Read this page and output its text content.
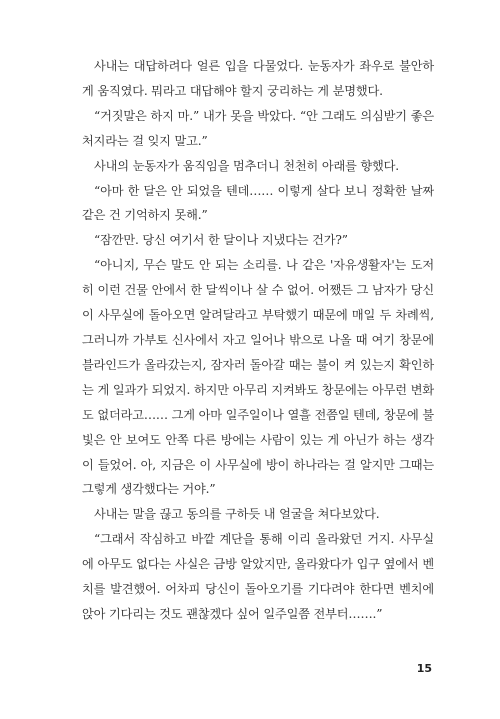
사내는 대답하려다 얼른 입을 다물었다. 눈동자가 좌우로 불안하게 움직였다. 뭐라고 대답해야 할지 궁리하는 게 분명했다.

“거짓말은 하지 마.” 내가 못을 박았다. “안 그래도 의심받기 좋은 처지라는 걸 잊지 말고.”

사내의 눈동자가 움직임을 멈추더니 천천히 아래를 향했다.

“아마 한 달은 안 되었을 텐데…… 이렇게 살다 보니 정확한 날짜 같은 건 기억하지 못해.”

“잠깐만. 당신 여기서 한 달이나 지냈다는 건가?”

“아니지, 무슨 말도 안 되는 소리를. 나 같은 '자유생활자'는 도저히 이런 건물 안에서 한 달씩이나 살 수 없어. 어쨌든 그 남자가 당신이 사무실에 돌아오면 알려달라고 부탁했기 때문에 매일 두 차례씩, 그러니까 가부토 신사에서 자고 일어나 밖으로 나올 때 여기 창문에 블라인드가 올라갔는지, 잠자러 돌아갈 때는 불이 켜 있는지 확인하는 게 일과가 되었지. 하지만 아무리 지켜봐도 창문에는 아무런 변화도 없더라고…… 그게 아마 일주일이나 열흘 전쯤일 텐데, 창문에 불빛은 안 보여도 안쪽 다른 방에는 사람이 있는 게 아닌가 하는 생각이 들었어. 아, 지금은 이 사무실에 방이 하나라는 걸 알지만 그때는 그렇게 생각했다는 거야.”

사내는 말을 끊고 동의를 구하듯 내 얼굴을 쳐다보았다.

“그래서 작심하고 바깥 계단을 통해 이리 올라왔던 거지. 사무실에 아무도 없다는 사실은 금방 알았지만, 올라왔다가 입구 옆에서 벤치를 발견했어. 어차피 당신이 돌아오기를 기다려야 한다면 벤치에 앉아 기다리는 것도 괜찮겠다 싶어 일주일쯤 전부터…….”

15
